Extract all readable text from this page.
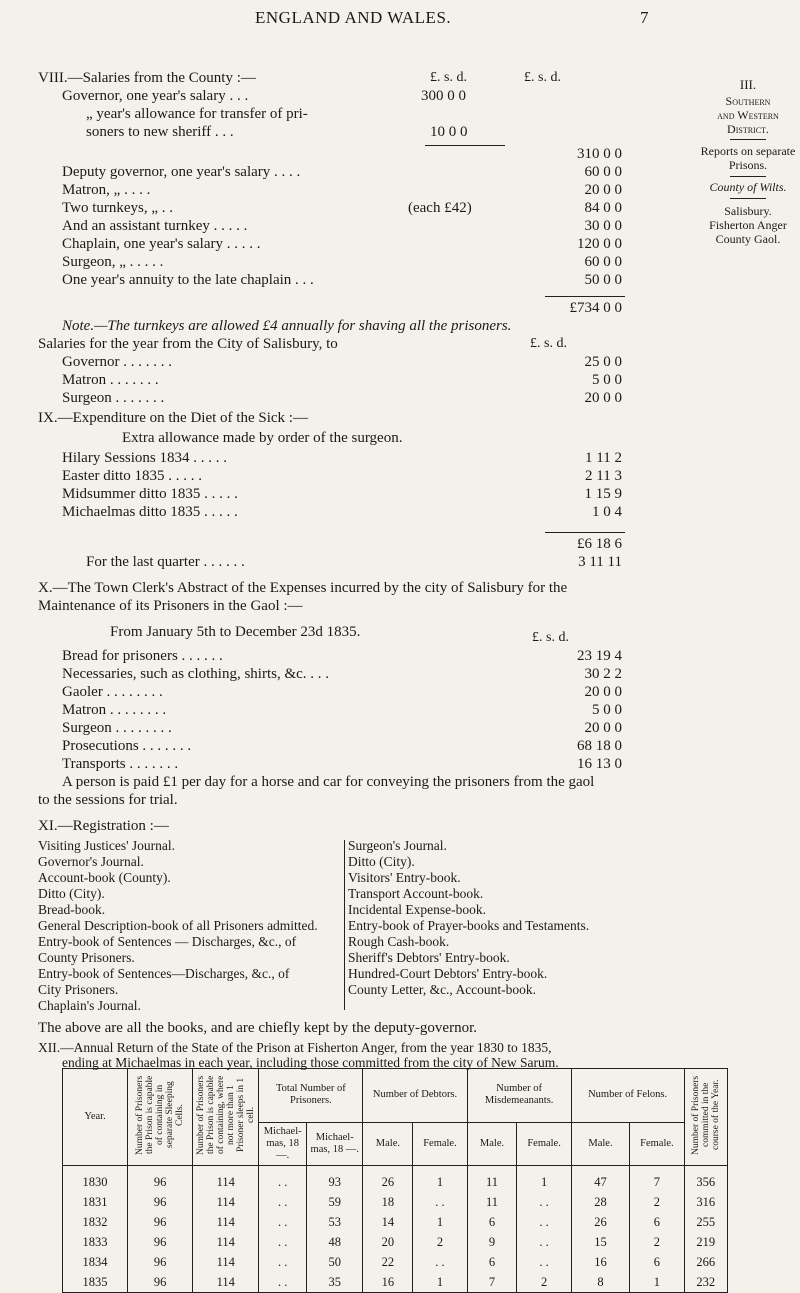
ENGLAND AND WALES.	7
III.
Southern
and Western
District.
Reports on separate
Prisons.
County of Wilts.
Salisbury.
Fisherton Anger
County Gaol.
VIII.—Salaries from the County :—	£. s. d.	£. s. d.
Governor, one year's salary . . .	300 0 0
„ year's allowance for transfer of pri-
soners to new sheriff . . .	10 0 0
310 0 0
Deputy governor, one year's salary . . . .	60 0 0
Matron, „ . . . .	20 0 0
Two turnkeys, „ . .	(each £42)	84 0 0
And an assistant turnkey . . . . .	30 0 0
Chaplain, one year's salary . . . . .	120 0 0
Surgeon, „ . . . . .	60 0 0
One year's annuity to the late chaplain . . .	50 0 0
£734 0 0
Note.—The turnkeys are allowed £4 annually for shaving all the prisoners.
Salaries for the year from the City of Salisbury, to	£. s. d.
Governor . . . . . . .	25 0 0
Matron . . . . . . .	5 0 0
Surgeon . . . . . . .	20 0 0
IX.—Expenditure on the Diet of the Sick :—
Extra allowance made by order of the surgeon.
Hilary Sessions 1834 . . . . .	1 11 2
Easter ditto 1835 . . . . .	2 11 3
Midsummer ditto 1835 . . . . .	1 15 9
Michaelmas ditto 1835 . . . . .	1 0 4
£6 18 6
For the last quarter . . . . . .	3 11 11
X.—The Town Clerk's Abstract of the Expenses incurred by the city of Salisbury for the
Maintenance of its Prisoners in the Gaol :—
From January 5th to December 23d 1835.	£. s. d.
Bread for prisoners . . . . . .	23 19 4
Necessaries, such as clothing, shirts, &c. . . .	30 2 2
Gaoler . . . . . . . .	20 0 0
Matron . . . . . . . .	5 0 0
Surgeon . . . . . . . .	20 0 0
Prosecutions . . . . . . .	68 18 0
Transports . . . . . . .	16 13 0
A person is paid £1 per day for a horse and car for conveying the prisoners from the gaol
to the sessions for trial.
XI.—Registration :—
Visiting Justices' Journal.
Governor's Journal.
Account-book (County).
Ditto (City).
Bread-book.
General Description-book of all Prisoners admitted.
Entry-book of Sentences — Discharges, &c., of
County Prisoners.
Entry-book of Sentences—Discharges, &c., of
City Prisoners.
Chaplain's Journal.
Surgeon's Journal.
Ditto (City).
Visitors' Entry-book.
Transport Account-book.
Incidental Expense-book.
Entry-book of Prayer-books and Testaments.
Rough Cash-book.
Sheriff's Debtors' Entry-book.
Hundred-Court Debtors' Entry-book.
County Letter, &c., Account-book.
The above are all the books, and are chiefly kept by the deputy-governor.
XII.—Annual Return of the State of the Prison at Fisherton Anger, from the year 1830 to 1835,
ending at Michaelmas in each year, including those committed from the city of New Sarum.
Year.	Number of Prisoners the Prison is capable of containing in separate Sleeping Cells.	Number of Prisoners the Prison is capable of containing, where not more than 1 Prisoner sleeps in 1 cell.	Total Number of Prisoners.		Number of Debtors.		Number of Misdemeanants.		Number of Felons.		Number of Prisoners committed in the course of the Year.
			Michael-mas, 18 —.	Michael-mas, 18 —.	Male.	Female.	Male.	Female.	Male.	Female.	
1830	96	114	. .	93	26	1	11	1	47	7	356
1831	96	114	. .	59	18	. .	11	. .	28	2	316
1832	96	114	. .	53	14	1	6	. .	26	6	255
1833	96	114	. .	48	20	2	9	. .	15	2	219
1834	96	114	. .	50	22	. .	6	. .	16	6	266
1835	96	114	. .	35	16	1	7	2	8	1	232
